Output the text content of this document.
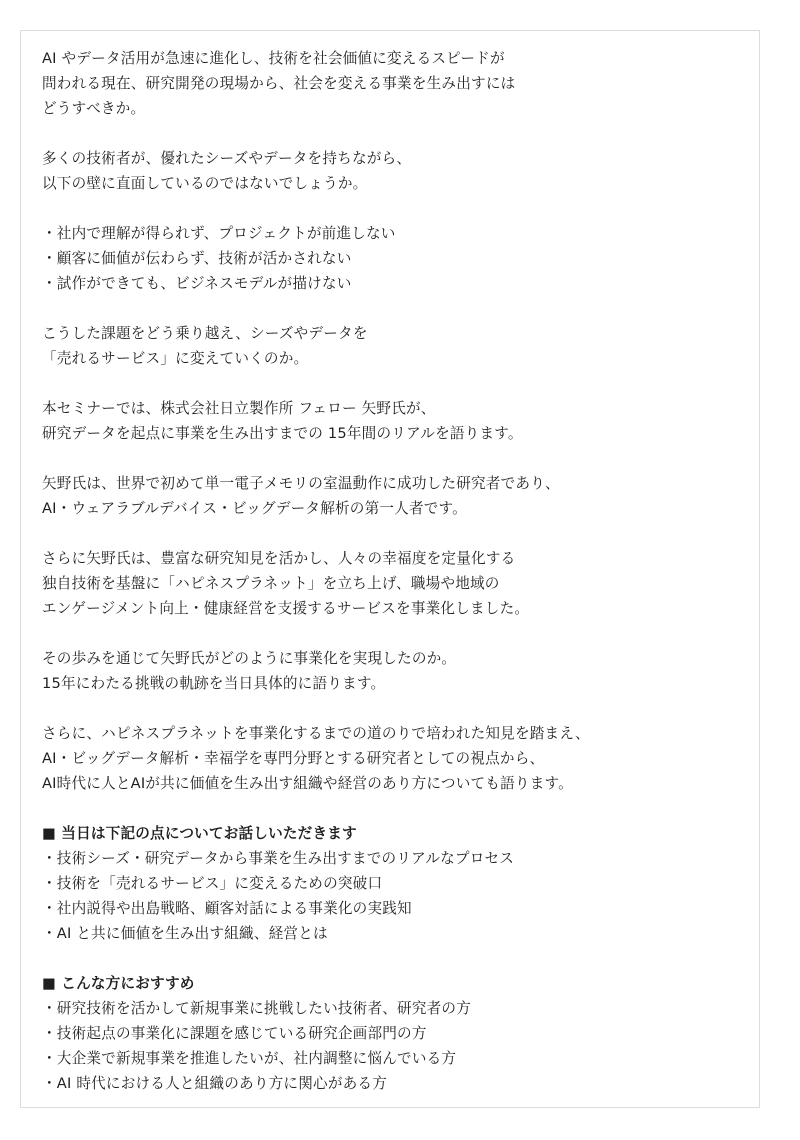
AI やデータ活用が急速に進化し、技術を社会価値に変えるスピードが
問われる現在、研究開発の現場から、社会を変える事業を生み出すには
どうすべきか。
多くの技術者が、優れたシーズやデータを持ちながら、
以下の壁に直面しているのではないでしょうか。
・社内で理解が得られず、プロジェクトが前進しない
・顧客に価値が伝わらず、技術が活かされない
・試作ができても、ビジネスモデルが描けない
こうした課題をどう乗り越え、シーズやデータを
「売れるサービス」に変えていくのか。
本セミナーでは、株式会社日立製作所 フェロー 矢野氏が、
研究データを起点に事業を生み出すまでの 15年間のリアルを語ります。
矢野氏は、世界で初めて単一電子メモリの室温動作に成功した研究者であり、
AI・ウェアラブルデバイス・ビッグデータ解析の第一人者です。
さらに矢野氏は、豊富な研究知見を活かし、人々の幸福度を定量化する
独自技術を基盤に「ハピネスプラネット」を立ち上げ、職場や地域の
エンゲージメント向上・健康経営を支援するサービスを事業化しました。
その歩みを通じて矢野氏がどのように事業化を実現したのか。
15年にわたる挑戦の軌跡を当日具体的に語ります。
さらに、ハピネスプラネットを事業化するまでの道のりで培われた知見を踏まえ、
AI・ビッグデータ解析・幸福学を専門分野とする研究者としての視点から、
AI時代に人とAIが共に価値を生み出す組織や経営のあり方についても語ります。
■ 当日は下記の点についてお話しいただきます
・技術シーズ・研究データから事業を生み出すまでのリアルなプロセス
・技術を「売れるサービス」に変えるための突破口
・社内説得や出島戦略、顧客対話による事業化の実践知
・AI と共に価値を生み出す組織、経営とは
■ こんな方におすすめ
・研究技術を活かして新規事業に挑戦したい技術者、研究者の方
・技術起点の事業化に課題を感じている研究企画部門の方
・大企業で新規事業を推進したいが、社内調整に悩んでいる方
・AI 時代における人と組織のあり方に関心がある方
